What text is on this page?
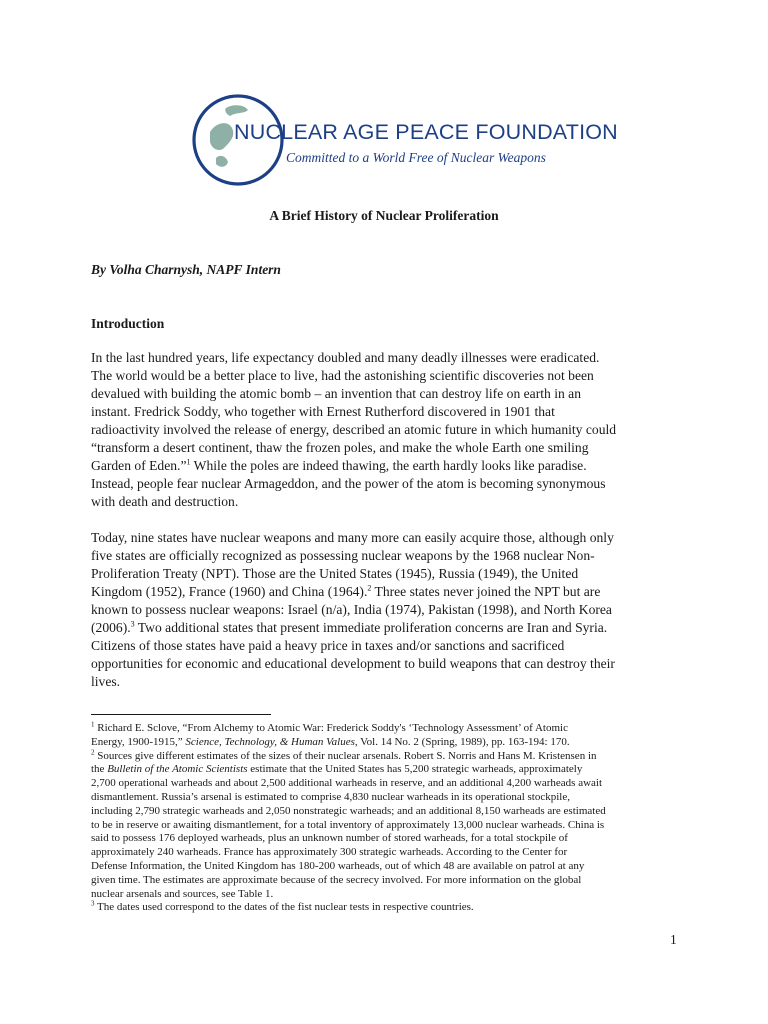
NUCLEAR AGE PEACE FOUNDATION
Committed to a World Free of Nuclear Weapons
A Brief History of Nuclear Proliferation
By Volha Charnysh, NAPF Intern
Introduction
In the last hundred years, life expectancy doubled and many deadly illnesses were eradicated.
The world would be a better place to live, had the astonishing scientific discoveries not been
devalued with building the atomic bomb – an invention that can destroy life on earth in an
instant. Fredrick Soddy, who together with Ernest Rutherford discovered in 1901 that
radioactivity involved the release of energy, described an atomic future in which humanity could
“transform a desert continent, thaw the frozen poles, and make the whole Earth one smiling
Garden of Eden.”$^1$ While the poles are indeed thawing, the earth hardly looks like paradise.
Instead, people fear nuclear Armageddon, and the power of the atom is becoming synonymous
with death and destruction.
Today, nine states have nuclear weapons and many more can easily acquire those, although only
five states are officially recognized as possessing nuclear weapons by the 1968 nuclear Non-
Proliferation Treaty (NPT). Those are the United States (1945), Russia (1949), the United
Kingdom (1952), France (1960) and China (1964).$^2$ Three states never joined the NPT but are
known to possess nuclear weapons: Israel (n/a), India (1974), Pakistan (1998), and North Korea
(2006).$^3$ Two additional states that present immediate proliferation concerns are Iran and Syria.
Citizens of those states have paid a heavy price in taxes and/or sanctions and sacrificed
opportunities for economic and educational development to build weapons that can destroy their
lives.
$^1$ Richard E. Sclove, “From Alchemy to Atomic War: Frederick Soddy's ‘Technology Assessment’ of Atomic
Energy, 1900-1915,” Science, Technology, & Human Values, Vol. 14 No. 2 (Spring, 1989), pp. 163-194: 170.
$^2$ Sources give different estimates of the sizes of their nuclear arsenals. Robert S. Norris and Hans M. Kristensen in
the Bulletin of the Atomic Scientists estimate that the United States has 5,200 strategic warheads, approximately
2,700 operational warheads and about 2,500 additional warheads in reserve, and an additional 4,200 warheads await
dismantlement. Russia’s arsenal is estimated to comprise 4,830 nuclear warheads in its operational stockpile,
including 2,790 strategic warheads and 2,050 nonstrategic warheads; and an additional 8,150 warheads are estimated
to be in reserve or awaiting dismantlement, for a total inventory of approximately 13,000 nuclear warheads. China is
said to possess 176 deployed warheads, plus an unknown number of stored warheads, for a total stockpile of
approximately 240 warheads. France has approximately 300 strategic warheads. According to the Center for
Defense Information, the United Kingdom has 180-200 warheads, out of which 48 are available on patrol at any
given time. The estimates are approximate because of the secrecy involved. For more information on the global
nuclear arsenals and sources, see Table 1.
$^3$ The dates used correspond to the dates of the fist nuclear tests in respective countries.
1
